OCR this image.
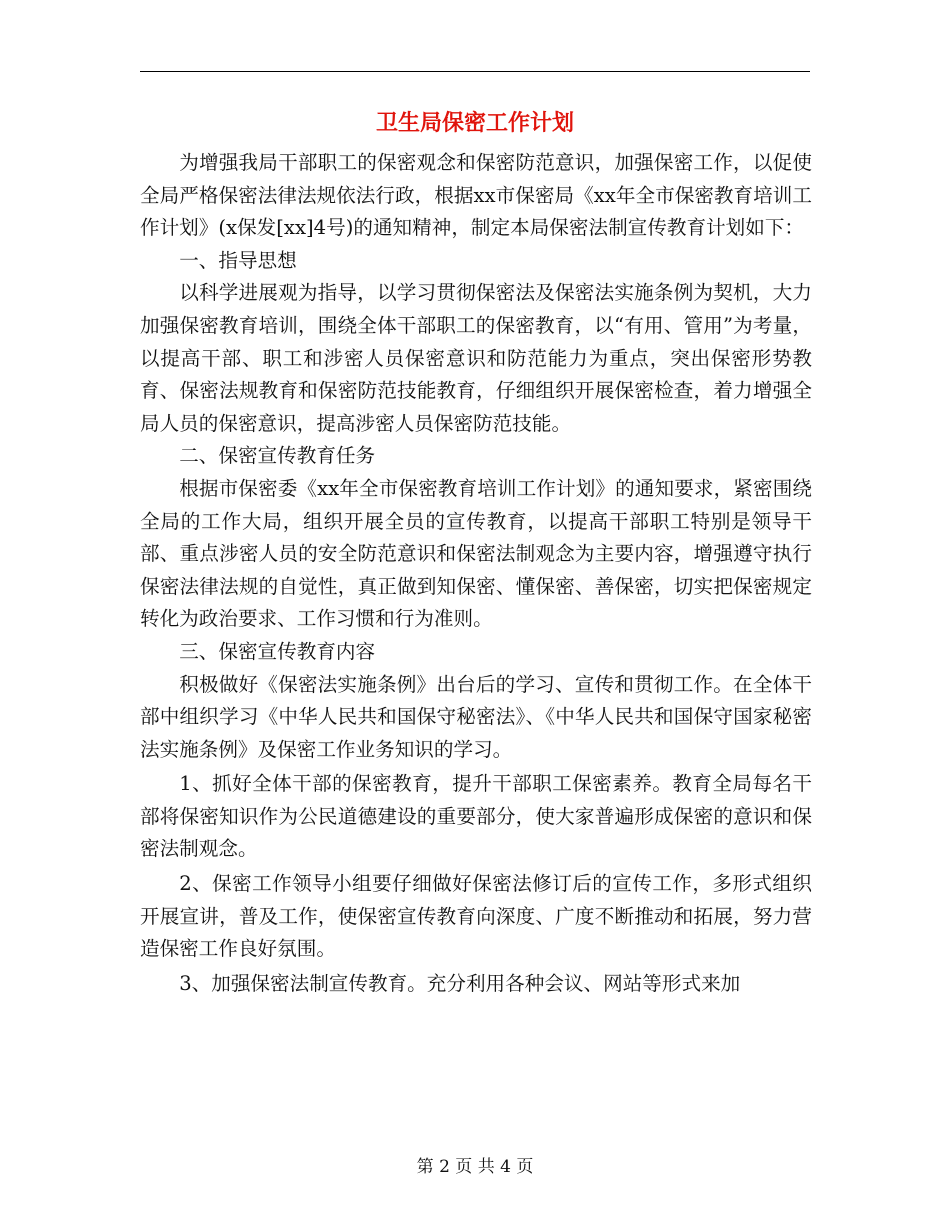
卫生局保密工作计划

为增强我局干部职工的保密观念和保密防范意识，加强保密工作，以促使全局严格保密法律法规依法行政，根据xx市保密局《xx年全市保密教育培训工作计划》(x保发[xx]4号)的通知精神，制定本局保密法制宣传教育计划如下：

一、指导思想

以科学进展观为指导，以学习贯彻保密法及保密法实施条例为契机，大力加强保密教育培训，围绕全体干部职工的保密教育，以“有用、管用”为考量，以提高干部、职工和涉密人员保密意识和防范能力为重点，突出保密形势教育、保密法规教育和保密防范技能教育，仔细组织开展保密检查，着力增强全局人员的保密意识，提高涉密人员保密防范技能。

二、保密宣传教育任务

根据市保密委《xx年全市保密教育培训工作计划》的通知要求，紧密围绕全局的工作大局，组织开展全员的宣传教育，以提高干部职工特别是领导干部、重点涉密人员的安全防范意识和保密法制观念为主要内容，增强遵守执行保密法律法规的自觉性，真正做到知保密、懂保密、善保密，切实把保密规定转化为政治要求、工作习惯和行为准则。

三、保密宣传教育内容

积极做好《保密法实施条例》出台后的学习、宣传和贯彻工作。在全体干部中组织学习《中华人民共和国保守秘密法》、《中华人民共和国保守国家秘密法实施条例》及保密工作业务知识的学习。

1、抓好全体干部的保密教育，提升干部职工保密素养。教育全局每名干部将保密知识作为公民道德建设的重要部分，使大家普遍形成保密的意识和保密法制观念。

2、保密工作领导小组要仔细做好保密法修订后的宣传工作，多形式组织开展宣讲，普及工作，使保密宣传教育向深度、广度不断推动和拓展，努力营造保密工作良好氛围。

3、加强保密法制宣传教育。充分利用各种会议、网站等形式来加

第 2 页 共 4 页
